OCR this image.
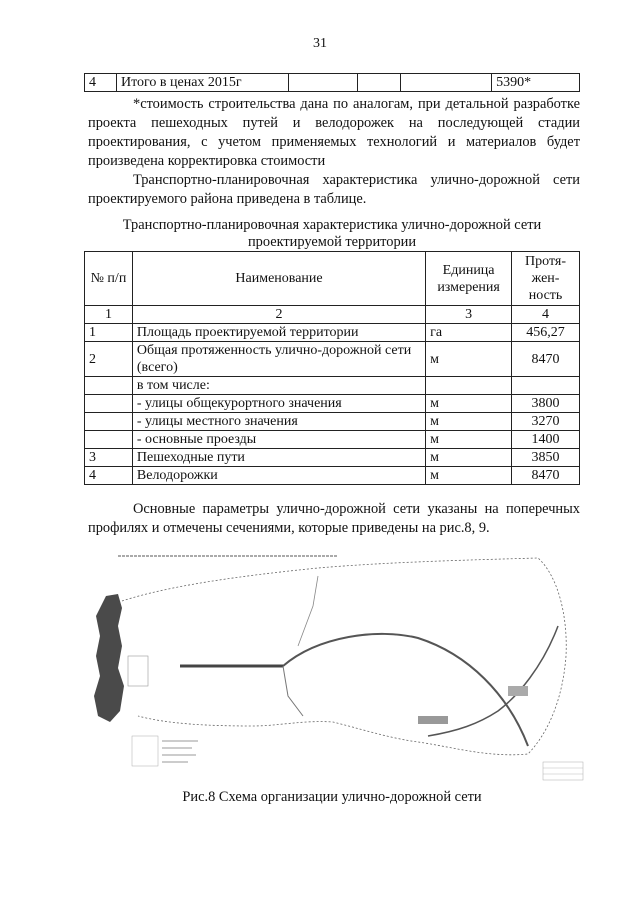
31
4	Итого в ценах 2015г				5390*

*стоимость строительства дана по аналогам, при детальной разработке проекта пешеходных путей и велодорожек на последующей стадии проектирования, с учетом применяемых технологий и материалов будет произведена корректировка стоимости

Транспортно-планировочная характеристика улично-дорожной сети проектируемого района приведена в таблице.

Транспортно-планировочная характеристика улично-дорожной сети

проектируемой территории

№ п/п	Наименование	Единица измерения	Протя-жен-ность
1	2	3	4
1	Площадь проектируемой территории	га	456,27
2	Общая протяженность улично-дорожной сети (всего)	м	8470
	в том числе:		
	- улицы общекурортного значения	м	3800
	- улицы местного значения	м	3270
	- основные проезды	м	1400
3	Пешеходные пути	м	3850
4	Велодорожки	м	8470

Основные параметры улично-дорожной сети указаны на поперечных профилях и отмечены сечениями, которые приведены на рис.8, 9.

Рис.8 Схема организации улично-дорожной сети
